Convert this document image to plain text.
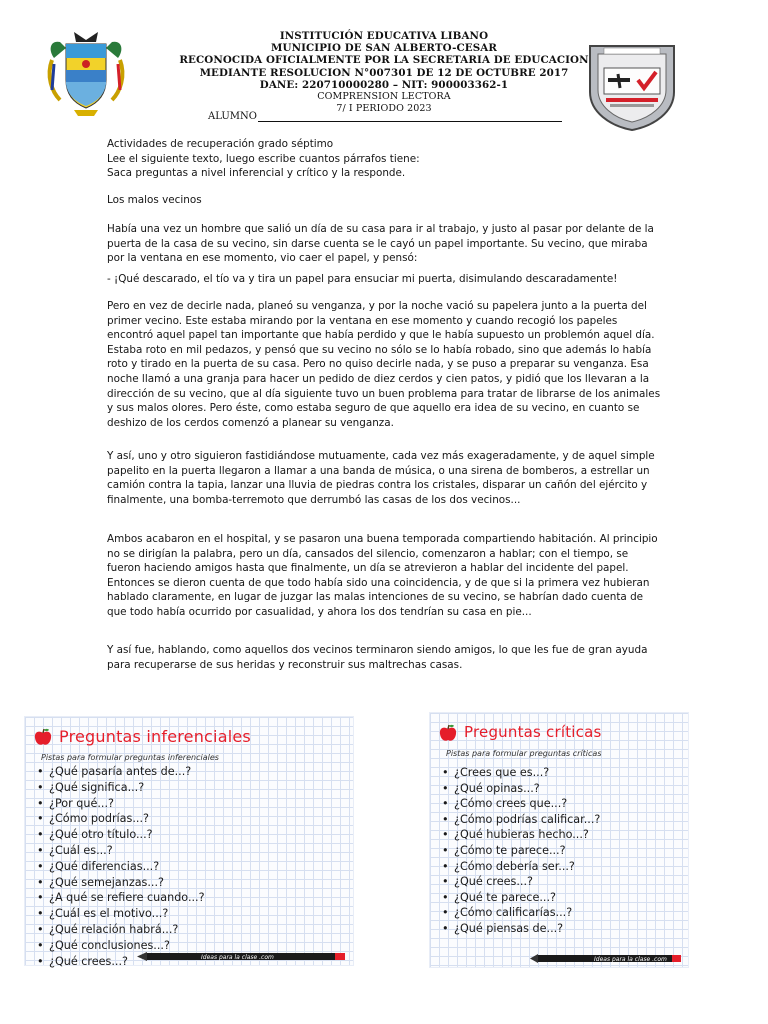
INSTITUCIÓN EDUCATIVA LIBANO
MUNICIPIO DE SAN ALBERTO-CESAR
RECONOCIDA OFICIALMENTE POR LA SECRETARIA DE EDUCACION
MEDIANTE RESOLUCION N°007301 DE 12 DE OCTUBRE 2017
DANE: 220710000280 – NIT: 900003362-1
COMPRENSION LECTORA
7/ I PERIODO 2023
ALUMNO
Actividades de recuperación grado séptimo
Lee el siguiente texto, luego escribe cuantos párrafos tiene:
Saca preguntas a nivel inferencial y crítico y la responde.
Los malos vecinos
Había una vez un hombre que salió un día de su casa para ir al trabajo, y justo al pasar por delante de la puerta de la casa de su vecino, sin darse cuenta se le cayó un papel importante. Su vecino, que miraba por la ventana en ese momento, vio caer el papel, y pensó:
- ¡Qué descarado, el tío va y tira un papel para ensuciar mi puerta, disimulando descaradamente!
Pero en vez de decirle nada, planeó su venganza, y por la noche vació su papelera junto a la puerta del primer vecino. Este estaba mirando por la ventana en ese momento y cuando recogió los papeles encontró aquel papel tan importante que había perdido y que le había supuesto un problemón aquel día. Estaba roto en mil pedazos, y pensó que su vecino no sólo se lo había robado, sino que además lo había roto y tirado en la puerta de su casa. Pero no quiso decirle nada, y se puso a preparar su venganza. Esa noche llamó a una granja para hacer un pedido de diez cerdos y cien patos, y pidió que los llevaran a la dirección de su vecino, que al día siguiente tuvo un buen problema para tratar de librarse de los animales y sus malos olores. Pero éste, como estaba seguro de que aquello era idea de su vecino, en cuanto se deshizo de los cerdos comenzó a planear su venganza.
Y así, uno y otro siguieron fastidiándose mutuamente, cada vez más exageradamente, y de aquel simple papelito en la puerta llegaron a llamar a una banda de música, o una sirena de bomberos, a estrellar un camión contra la tapia, lanzar una lluvia de piedras contra los cristales, disparar un cañón del ejército y finalmente, una bomba-terremoto que derrumbó las casas de los dos vecinos...
Ambos acabaron en el hospital, y se pasaron una buena temporada compartiendo habitación. Al principio no se dirigían la palabra, pero un día, cansados del silencio, comenzaron a hablar; con el tiempo, se fueron haciendo amigos hasta que finalmente, un día se atrevieron a hablar del incidente del papel. Entonces se dieron cuenta de que todo había sido una coincidencia, y de que si la primera vez hubieran hablado claramente, en lugar de juzgar las malas intenciones de su vecino, se habrían dado cuenta de que todo había ocurrido por casualidad, y ahora los dos tendrían su casa en pie...
Y así fue, hablando, como aquellos dos vecinos terminaron siendo amigos, lo que les fue de gran ayuda para recuperarse de sus heridas y reconstruir sus maltrechas casas.
Preguntas inferenciales
Pistas para formular preguntas inferenciales
• ¿Qué pasaría antes de...?
• ¿Qué significa...?
• ¿Por qué...?
• ¿Cómo podrías...?
• ¿Qué otro título...?
• ¿Cuál es...?
• ¿Qué diferencias...?
• ¿Qué semejanzas...?
• ¿A qué se refiere cuando...?
• ¿Cuál es el motivo...?
• ¿Qué relación habrá...?
• ¿Qué conclusiones...?
• ¿Qué crees...?	Ideas para la clase .com
Preguntas críticas
Pistas para formular preguntas críticas
• ¿Crees que es...?
• ¿Qué opinas...?
• ¿Cómo crees que...?
• ¿Cómo podrías calificar...?
• ¿Qué hubieras hecho...?
• ¿Cómo te parece...?
• ¿Cómo debería ser...?
• ¿Qué crees...?
• ¿Qué te parece...?
• ¿Cómo calificarías...?
• ¿Qué piensas de...?
Ideas para la clase .com
